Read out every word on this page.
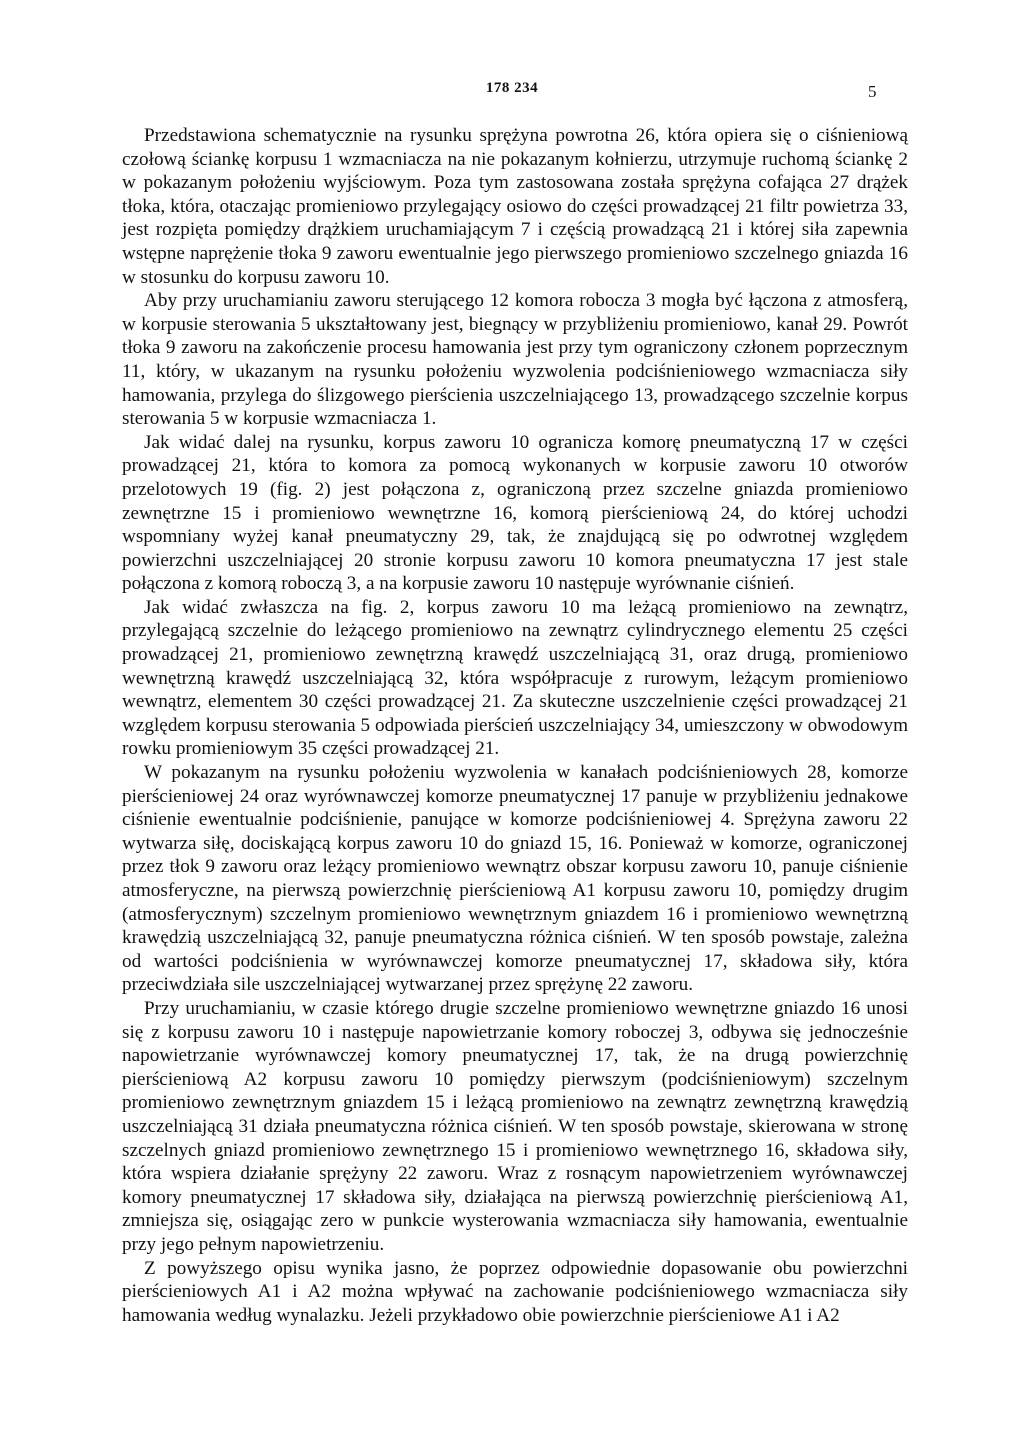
178 234	5

Przedstawiona schematycznie na rysunku sprężyna powrotna 26, która opiera się o ciśnieniową czołową ściankę korpusu 1 wzmacniacza na nie pokazanym kołnierzu, utrzymuje ruchomą ściankę 2 w pokazanym położeniu wyjściowym. Poza tym zastosowana została sprężyna cofająca 27 drążek tłoka, która, otaczając promieniowo przylegający osiowo do części prowadzącej 21 filtr powietrza 33, jest rozpięta pomiędzy drążkiem uruchamiającym 7 i częścią prowadzącą 21 i której siła zapewnia wstępne naprężenie tłoka 9 zaworu ewentualnie jego pierwszego promieniowo szczelnego gniazda 16 w stosunku do korpusu zaworu 10.

Aby przy uruchamianiu zaworu sterującego 12 komora robocza 3 mogła być łączona z atmosferą, w korpusie sterowania 5 ukształtowany jest, biegnący w przybliżeniu promieniowo, kanał 29. Powrót tłoka 9 zaworu na zakończenie procesu hamowania jest przy tym ograniczony członem poprzecznym 11, który, w ukazanym na rysunku położeniu wyzwolenia podciśnieniowego wzmacniacza siły hamowania, przylega do ślizgowego pierścienia uszczelniającego 13, prowadzącego szczelnie korpus sterowania 5 w korpusie wzmacniacza 1.

Jak widać dalej na rysunku, korpus zaworu 10 ogranicza komorę pneumatyczną 17 w części prowadzącej 21, która to komora za pomocą wykonanych w korpusie zaworu 10 otworów przelotowych 19 (fig. 2) jest połączona z, ograniczoną przez szczelne gniazda promieniowo zewnętrzne 15 i promieniowo wewnętrzne 16, komorą pierścieniową 24, do której uchodzi wspomniany wyżej kanał pneumatyczny 29, tak, że znajdującą się po odwrotnej względem powierzchni uszczelniającej 20 stronie korpusu zaworu 10 komora pneumatyczna 17 jest stale połączona z komorą roboczą 3, a na korpusie zaworu 10 następuje wyrównanie ciśnień.

Jak widać zwłaszcza na fig. 2, korpus zaworu 10 ma leżącą promieniowo na zewnątrz, przylegającą szczelnie do leżącego promieniowo na zewnątrz cylindrycznego elementu 25 części prowadzącej 21, promieniowo zewnętrzną krawędź uszczelniającą 31, oraz drugą, promieniowo wewnętrzną krawędź uszczelniającą 32, która współpracuje z rurowym, leżącym promieniowo wewnątrz, elementem 30 części prowadzącej 21. Za skuteczne uszczelnienie części prowadzącej 21 względem korpusu sterowania 5 odpowiada pierścień uszczelniający 34, umieszczony w obwodowym rowku promieniowym 35 części prowadzącej 21.

W pokazanym na rysunku położeniu wyzwolenia w kanałach podciśnieniowych 28, komorze pierścieniowej 24 oraz wyrównawczej komorze pneumatycznej 17 panuje w przybliżeniu jednakowe ciśnienie ewentualnie podciśnienie, panujące w komorze podciśnieniowej 4. Sprężyna zaworu 22 wytwarza siłę, dociskającą korpus zaworu 10 do gniazd 15, 16. Ponieważ w komorze, ograniczonej przez tłok 9 zaworu oraz leżący promieniowo wewnątrz obszar korpusu zaworu 10, panuje ciśnienie atmosferyczne, na pierwszą powierzchnię pierścieniową A1 korpusu zaworu 10, pomiędzy drugim (atmosferycznym) szczelnym promieniowo wewnętrznym gniazdem 16 i promieniowo wewnętrzną krawędzią uszczelniającą 32, panuje pneumatyczna różnica ciśnień. W ten sposób powstaje, zależna od wartości podciśnienia w wyrównawczej komorze pneumatycznej 17, składowa siły, która przeciwdziała sile uszczelniającej wytwarzanej przez sprężynę 22 zaworu.

Przy uruchamianiu, w czasie którego drugie szczelne promieniowo wewnętrzne gniazdo 16 unosi się z korpusu zaworu 10 i następuje napowietrzanie komory roboczej 3, odbywa się jednocześnie napowietrzanie wyrównawczej komory pneumatycznej 17, tak, że na drugą powierzchnię pierścieniową A2 korpusu zaworu 10 pomiędzy pierwszym (podciśnieniowym) szczelnym promieniowo zewnętrznym gniazdem 15 i leżącą promieniowo na zewnątrz zewnętrzną krawędzią uszczelniającą 31 działa pneumatyczna różnica ciśnień. W ten sposób powstaje, skierowana w stronę szczelnych gniazd promieniowo zewnętrznego 15 i promieniowo wewnętrznego 16, składowa siły, która wspiera działanie sprężyny 22 zaworu. Wraz z rosnącym napowietrzeniem wyrównawczej komory pneumatycznej 17 składowa siły, działająca na pierwszą powierzchnię pierścieniową A1, zmniejsza się, osiągając zero w punkcie wysterowania wzmacniacza siły hamowania, ewentualnie przy jego pełnym napowietrzeniu.

Z powyższego opisu wynika jasno, że poprzez odpowiednie dopasowanie obu powierzchni pierścieniowych A1 i A2 można wpływać na zachowanie podciśnieniowego wzmacniacza siły hamowania według wynalazku. Jeżeli przykładowo obie powierzchnie pierścieniowe A1 i A2
